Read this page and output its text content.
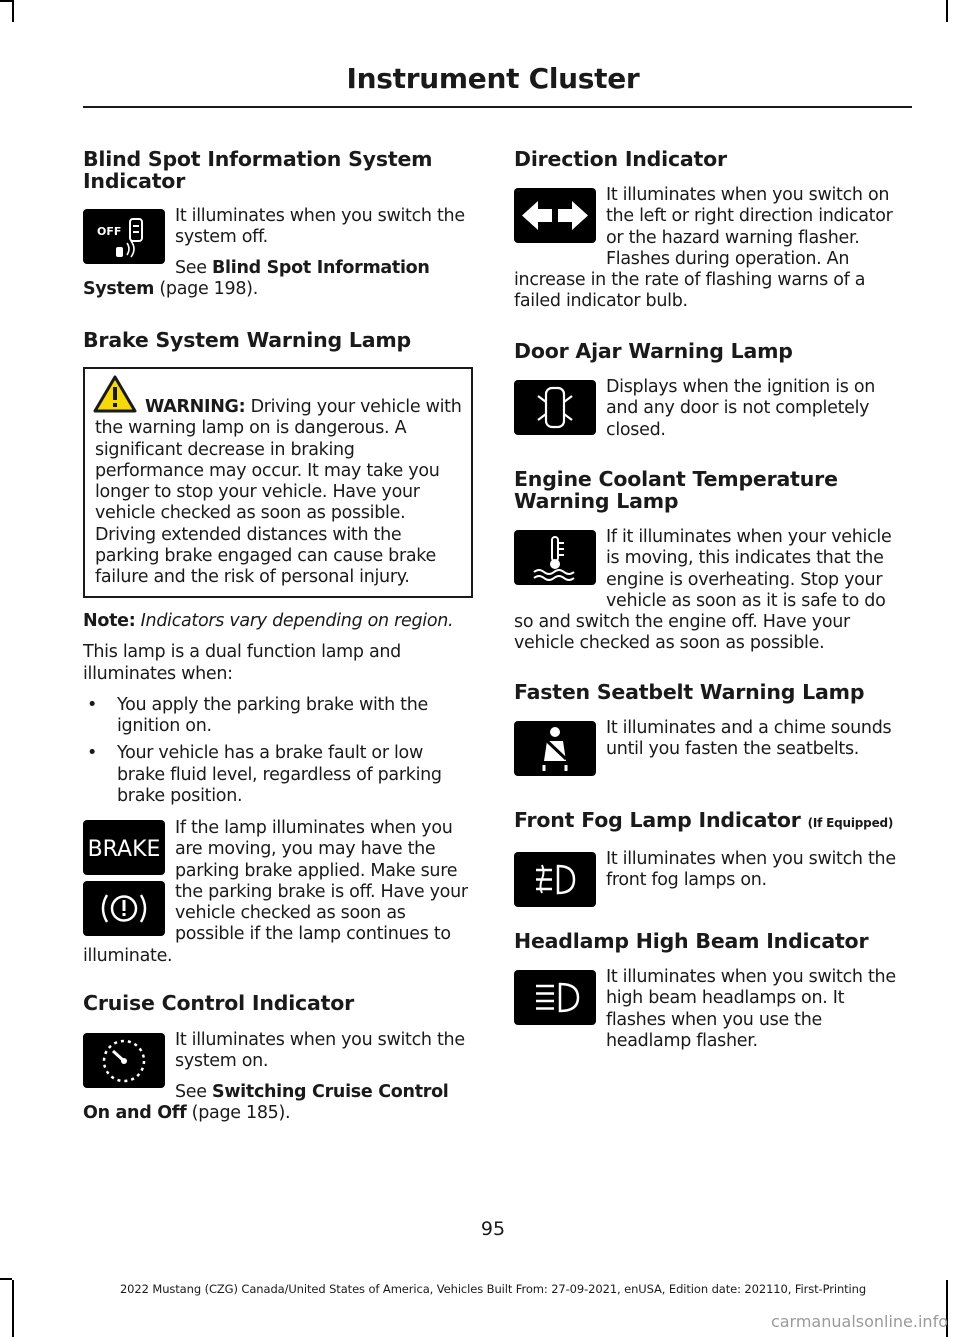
Instrument Cluster
Blind Spot Information System Indicator
OFF

It illuminates when you switch the system off.

See Blind Spot Information System (page 198).

Brake System Warning Lamp

WARNING: Driving your vehicle with the warning lamp on is dangerous. A significant decrease in braking performance may occur. It may take you longer to stop your vehicle. Have your vehicle checked as soon as possible. Driving extended distances with the parking brake engaged can cause brake failure and the risk of personal injury.

Note: Indicators vary depending on region.

This lamp is a dual function lamp and illuminates when:

• You apply the parking brake with the ignition on.
• Your vehicle has a brake fault or low brake fluid level, regardless of parking brake position.
BRAKE

If the lamp illuminates when you are moving, you may have the parking brake applied. Make sure the parking brake is off. Have your vehicle checked as soon as possible if the lamp continues to illuminate.

Cruise Control Indicator

It illuminates when you switch the system on.

See Switching Cruise Control On and Off (page 185).

Direction Indicator

It illuminates when you switch on the left or right direction indicator or the hazard warning flasher. Flashes during operation. An increase in the rate of flashing warns of a failed indicator bulb.

Door Ajar Warning Lamp

Displays when the ignition is on and any door is not completely closed.

Engine Coolant Temperature Warning Lamp

If it illuminates when your vehicle is moving, this indicates that the engine is overheating. Stop your vehicle as soon as it is safe to do so and switch the engine off. Have your vehicle checked as soon as possible.

Fasten Seatbelt Warning Lamp

It illuminates and a chime sounds until you fasten the seatbelts.

Front Fog Lamp Indicator (If Equipped)

It illuminates when you switch the front fog lamps on.

Headlamp High Beam Indicator

It illuminates when you switch the high beam headlamps on. It flashes when you use the headlamp flasher.

95
2022 Mustang (CZG) Canada/United States of America, Vehicles Built From: 27-09-2021, enUSA, Edition date: 202110, First-Printing
carmanualsonline.info
